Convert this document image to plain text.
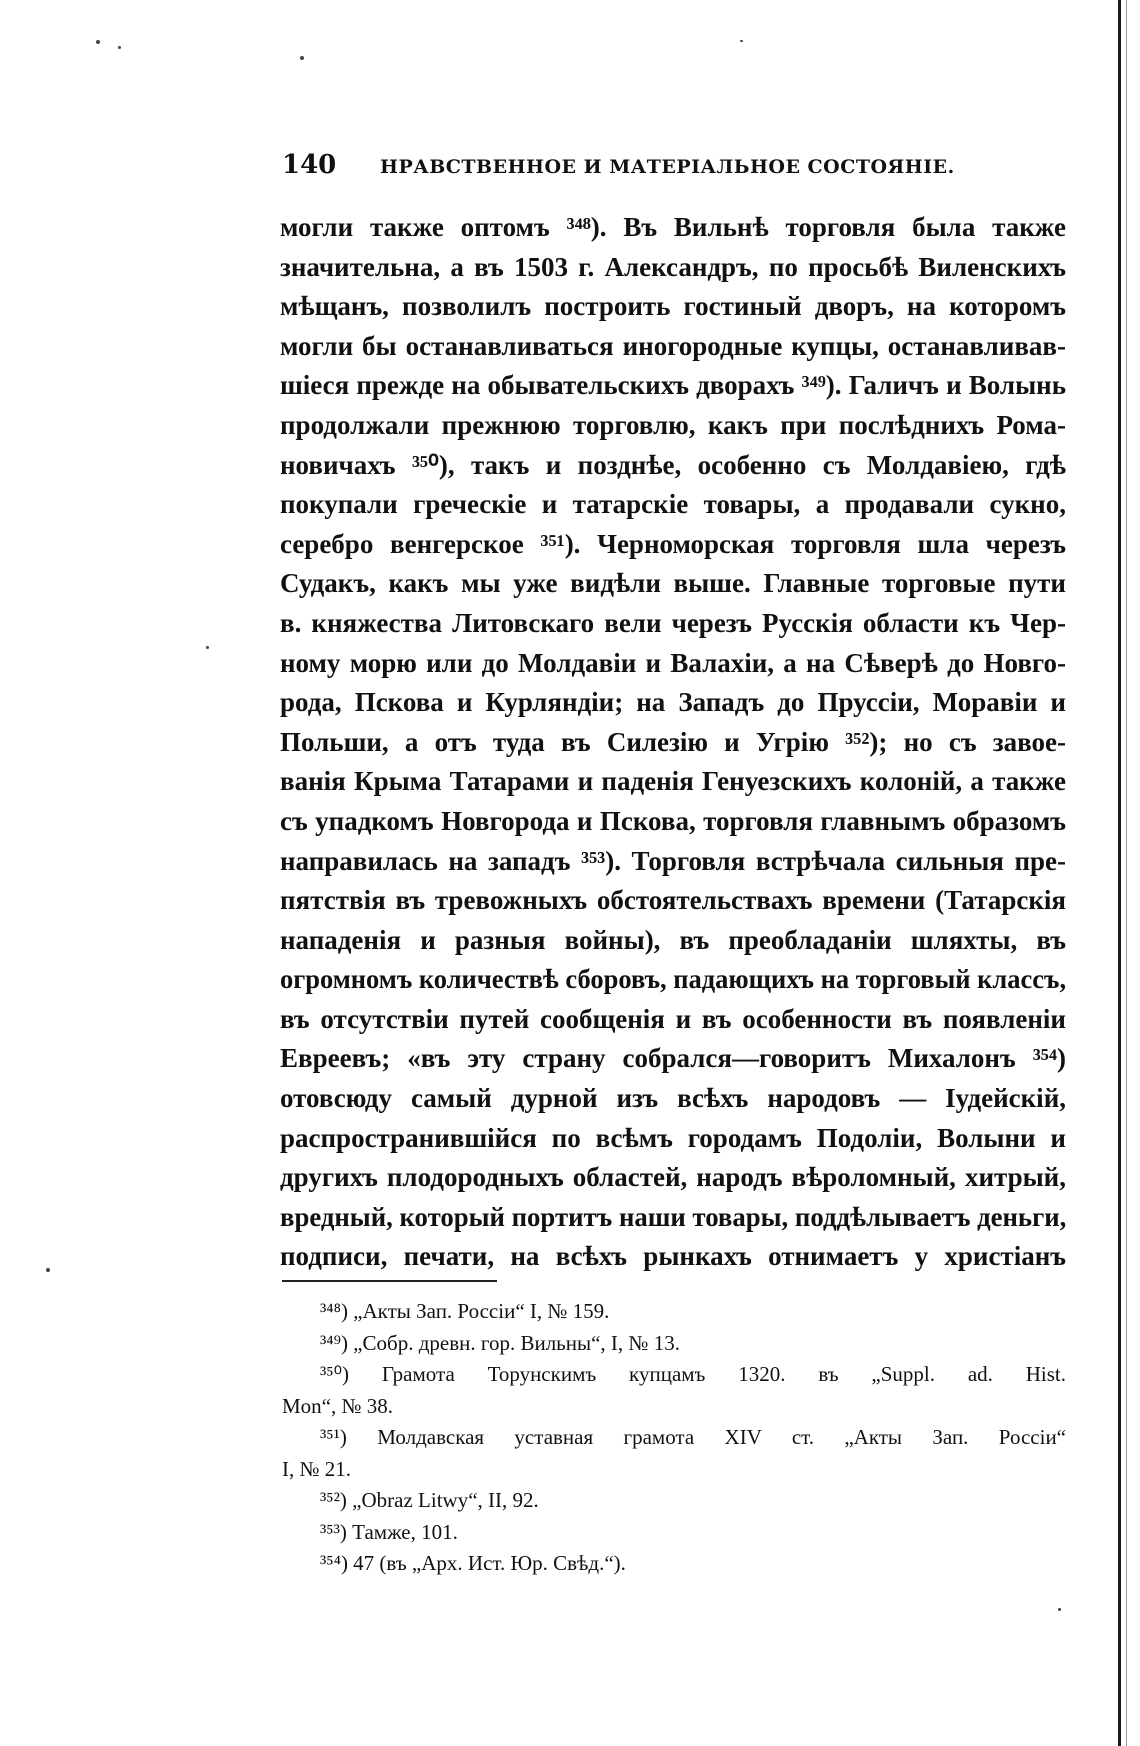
140 НРАВСТВЕННОЕ И МАТЕРІАЛЬНОЕ СОСТОЯНІЕ.
могли также оптомъ ³⁴⁸). Въ Вильнѣ торговля была также
значительна, а въ 1503 г. Александръ, по просьбѣ Виленскихъ
мѣщанъ, позволилъ построить гостиный дворъ, на которомъ
могли бы останавливаться иногородные купцы, останавливав-
шіеся прежде на обывательскихъ дворахъ ³⁴⁹). Галичъ и Волынь
продолжали прежнюю торговлю, какъ при послѣднихъ Рома-
новичахъ ³⁵⁰), такъ и позднѣе, особенно съ Молдавіею, гдѣ
покупали греческіе и татарскіе товары, а продавали сукно,
серебро венгерское ³⁵¹). Черноморская торговля шла черезъ
Судакъ, какъ мы уже видѣли выше. Главные торговые пути
в. княжества Литовскаго вели черезъ Русскія области къ Чер-
ному морю или до Молдавіи и Валахіи, а на Сѣверѣ до Новго-
рода, Пскова и Курляндіи; на Западъ до Пруссіи, Моравіи и
Польши, а отъ туда въ Силезію и Угрію ³⁵²); но съ завое-
ванія Крыма Татарами и паденія Генуезскихъ колоній, а также
съ упадкомъ Новгорода и Пскова, торговля главнымъ образомъ
направилась на западъ ³⁵³). Торговля встрѣчала сильныя пре-
пятствія въ тревожныхъ обстоятельствахъ времени (Татарскія
нападенія и разныя войны), въ преобладаніи шляхты, въ
огромномъ количествѣ сборовъ, падающихъ на торговый классъ,
въ отсутствіи путей сообщенія и въ особенности въ появленіи
Евреевъ; «въ эту страну собрался—говоритъ Михалонъ ³⁵⁴)
отовсюду самый дурной изъ всѣхъ народовъ — Іудейскій,
распространившійся по всѣмъ городамъ Подоліи, Волыни и
другихъ плодородныхъ областей, народъ вѣроломный, хитрый,
вредный, который портитъ наши товары, поддѣлываетъ деньги,
подписи, печати, на всѣхъ рынкахъ отнимаетъ у христіанъ
³⁴⁸) „Акты Зап. Россіи“ I, № 159.
³⁴⁹) „Собр. древн. гор. Вильны“, I, № 13.
³⁵⁰) Грамота Торунскимъ купцамъ 1320. въ „Suppl. ad. Hist.
Mon“, № 38.
³⁵¹) Молдавская уставная грамота XIV ст. „Акты Зап. Россіи“
I, № 21.
³⁵²) „Obraz Litwy“, II, 92.
³⁵³) Тамже, 101.
³⁵⁴) 47 (въ „Арх. Ист. Юр. Свѣд.“).
